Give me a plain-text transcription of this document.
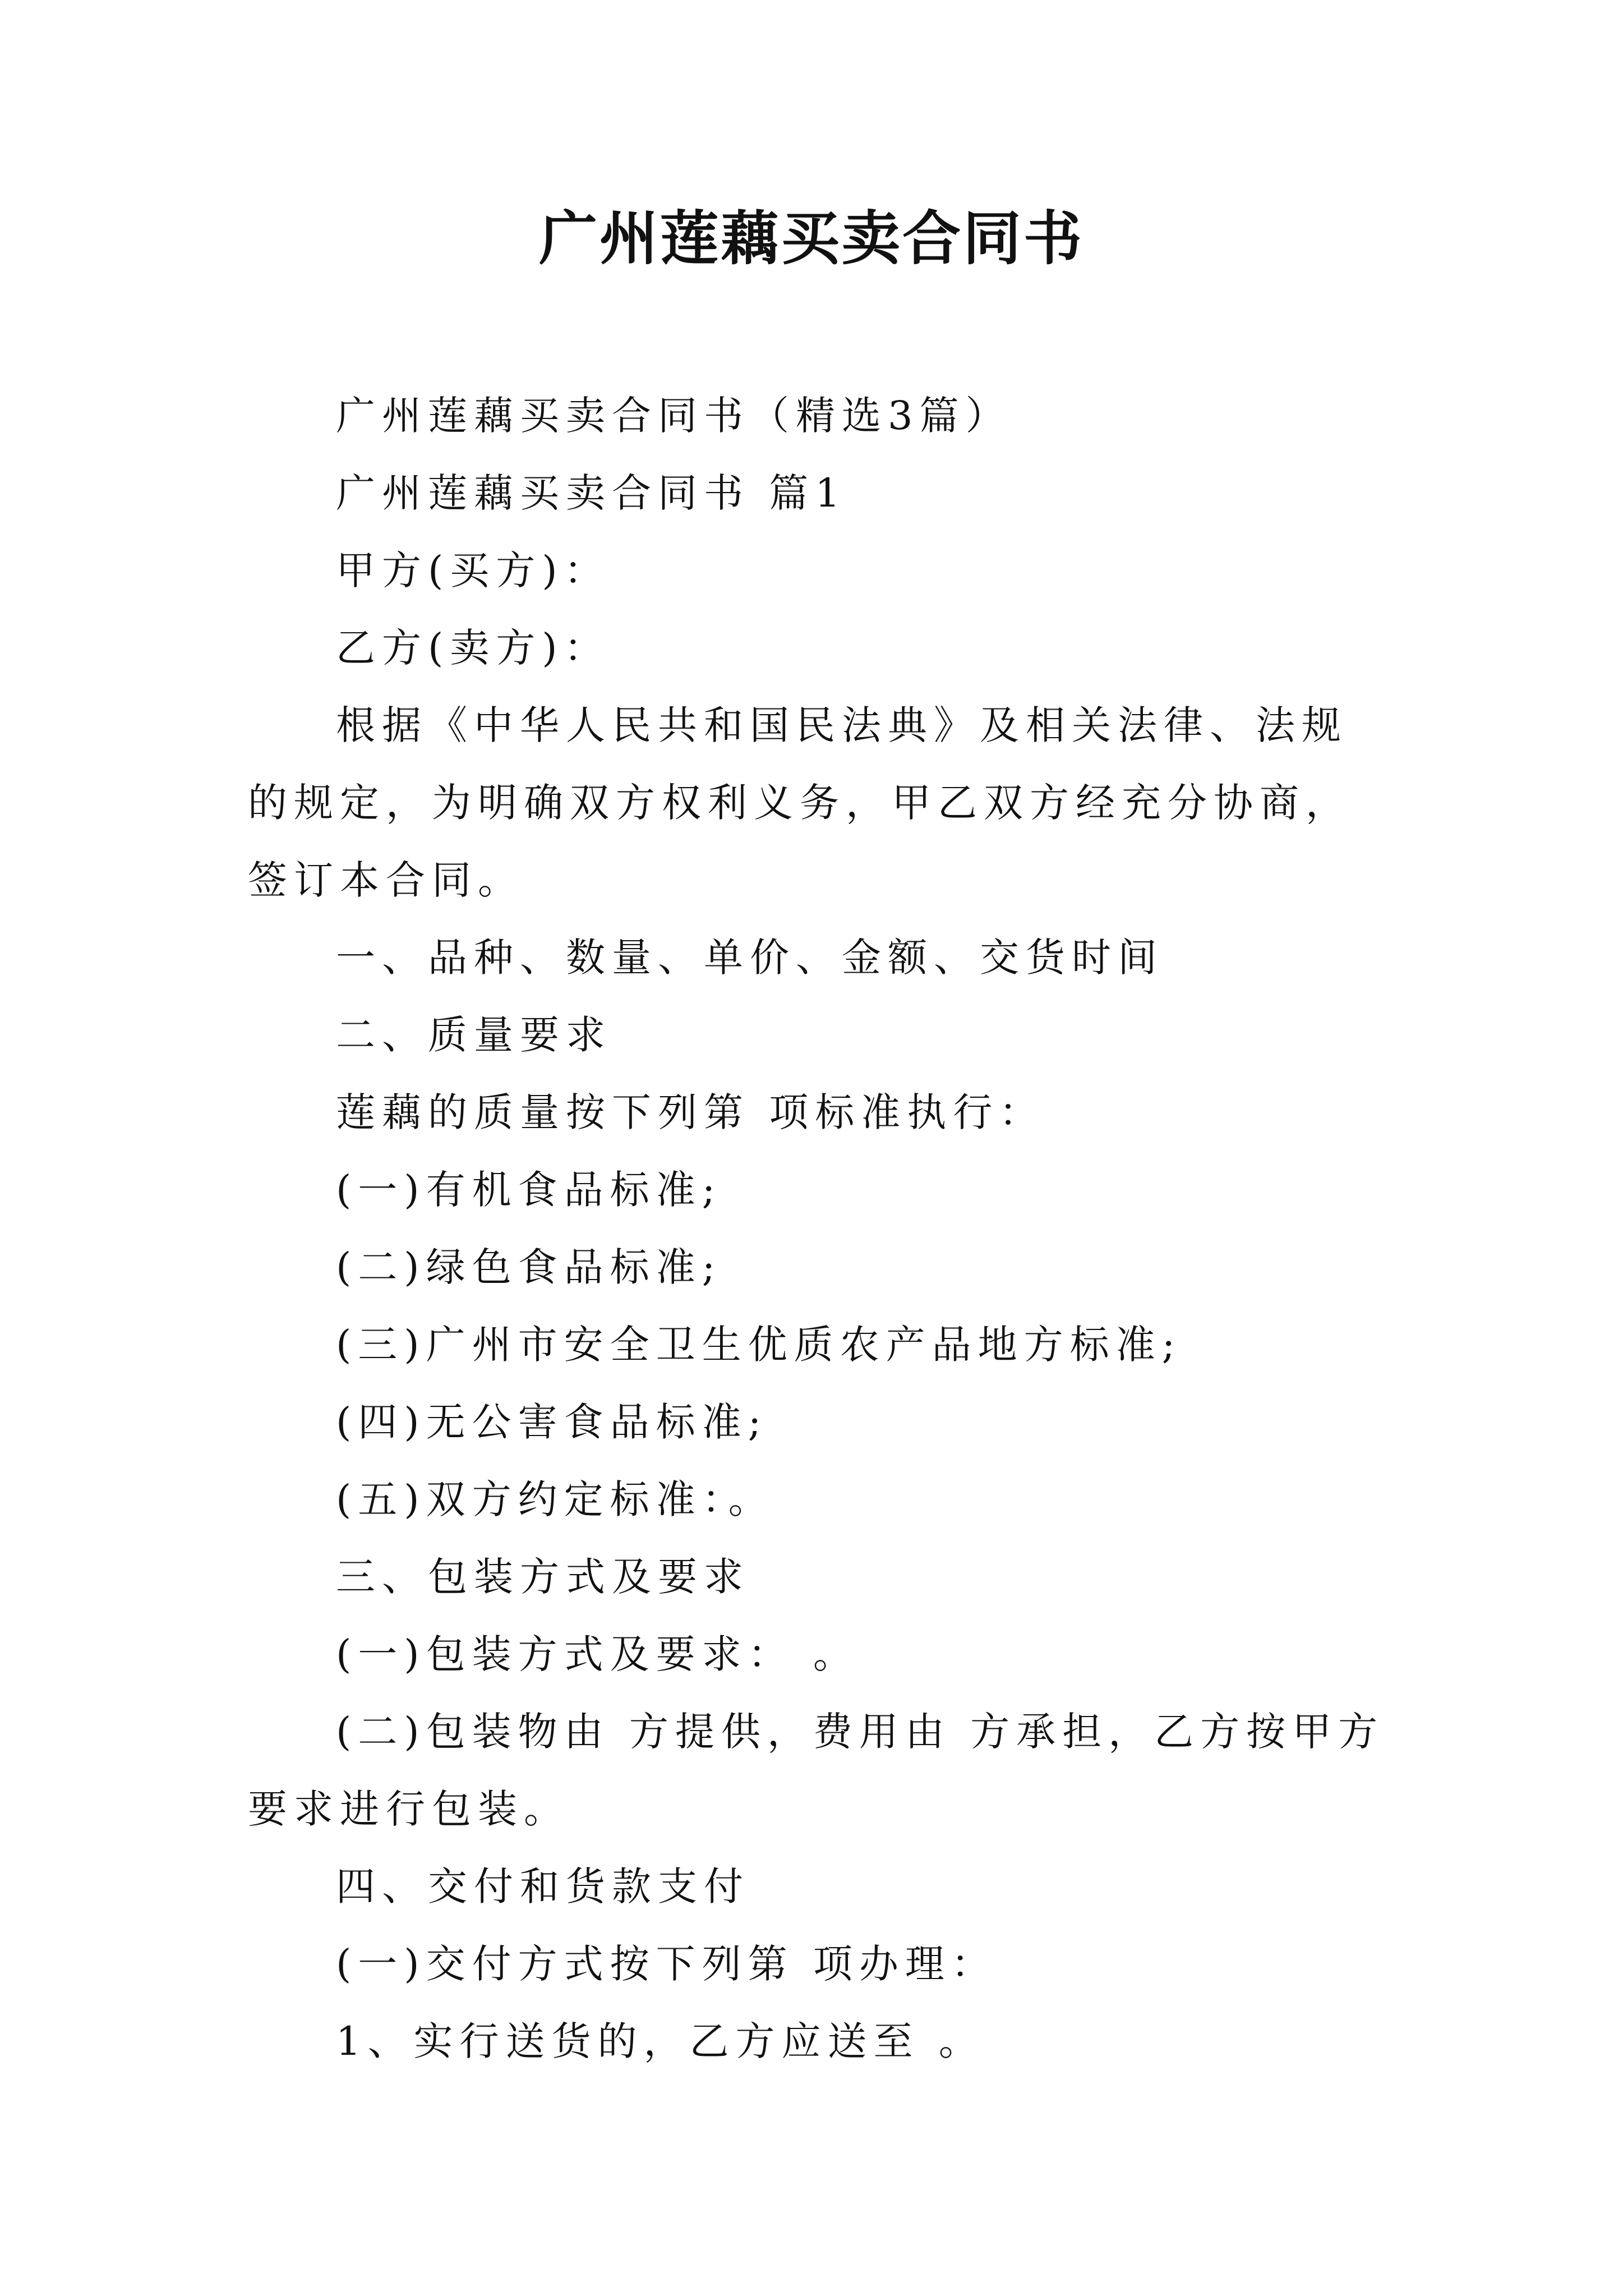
广州莲藕买卖合同书

广州莲藕买卖合同书（精选3篇）

广州莲藕买卖合同书 篇1

甲方(买方)：

乙方(卖方)：

根据《中华人民共和国民法典》及相关法律、法规的规定，为明确双方权利义务，甲乙双方经充分协商，签订本合同。

一、品种、数量、单价、金额、交货时间

二、质量要求

莲藕的质量按下列第 项标准执行：

(一)有机食品标准;

(二)绿色食品标准;

(三)广州市安全卫生优质农产品地方标准;

(四)无公害食品标准;

(五)双方约定标准：。

三、包装方式及要求

(一)包装方式及要求： 。

(二)包装物由 方提供，费用由 方承担，乙方按甲方要求进行包装。

四、交付和货款支付

(一)交付方式按下列第 项办理：

1、实行送货的，乙方应送至 。
